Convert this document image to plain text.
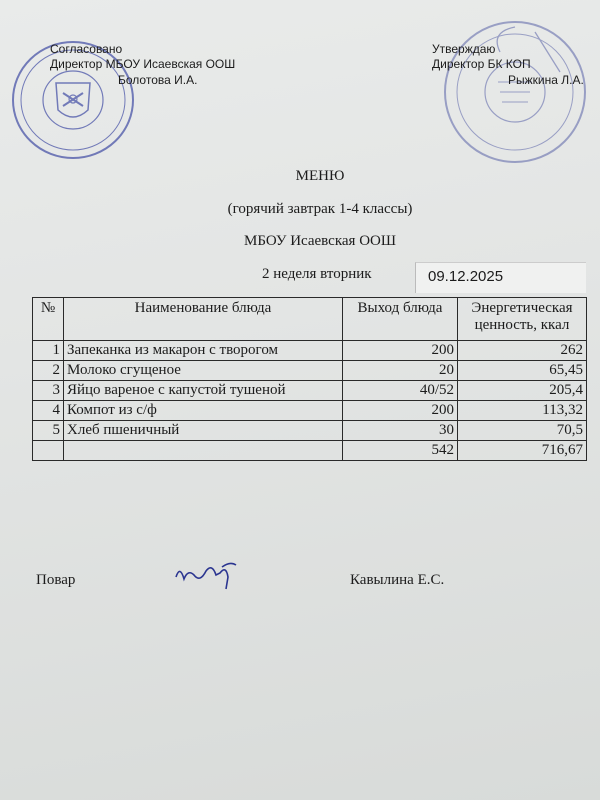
Согласовано
Директор МБОУ Исаевская ООШ
Болотова И.А.
Утверждаю
Директор БК КОП
Рыжкина Л.А.
МЕНЮ
(горячий завтрак 1-4 классы)
МБОУ Исаевская ООШ
2 неделя вторник	09.12.2025
№	Наименование блюда	Выход блюда	Энергетическая ценность, ккал
1	Запеканка из макарон с творогом	200	262
2	Молоко сгущеное	20	65,45
3	Яйцо вареное с капустой тушеной	40/52	205,4
4	Компот из с/ф	200	113,32
5	Хлеб пшеничный	30	70,5
		542	716,67
Повар	Кавылина Е.С.
